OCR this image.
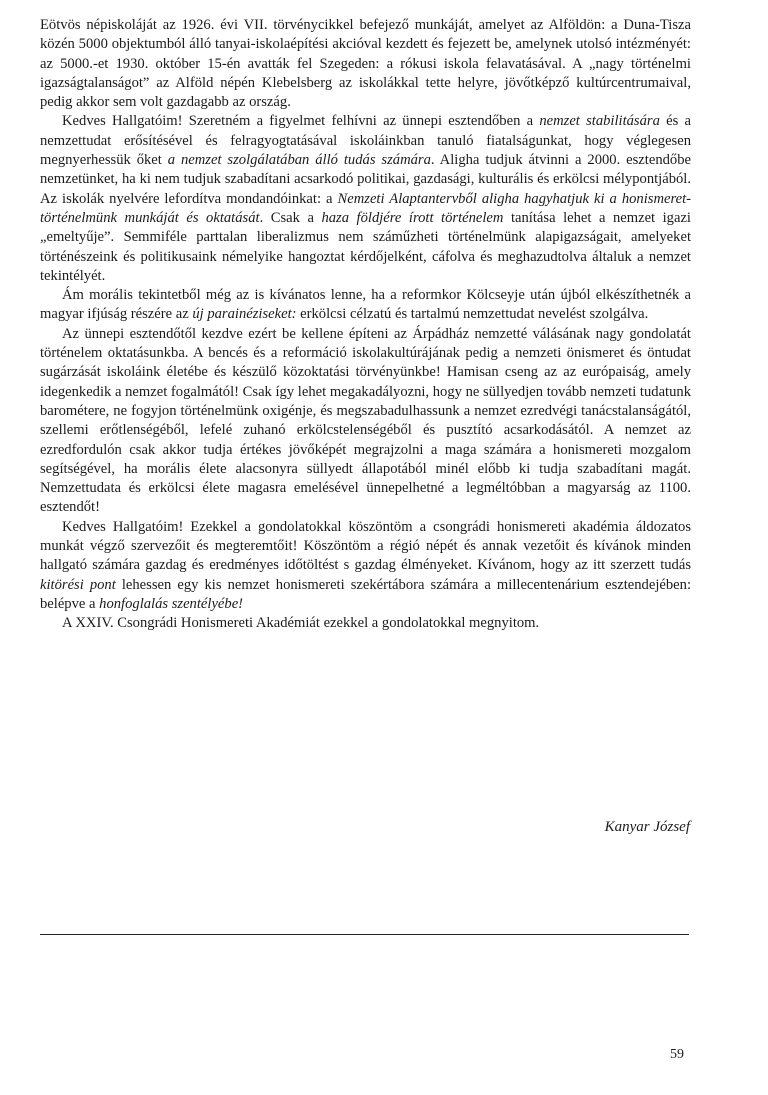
Eötvös népiskoláját az 1926. évi VII. törvénycikkel befejező munkáját, amelyet az Alföldön: a Duna-Tisza közén 5000 objektumból álló tanyai-iskolaépítési akcióval kezdett és fejezett be, amelynek utolsó intézményét: az 5000.-et 1930. október 15-én avatták fel Szegeden: a rókusi iskola felavatásával. A „nagy történelmi igazságtalanságot” az Alföld népén Klebelsberg az iskolákkal tette helyre, jövőtképző kultúrcentrumaival, pedig akkor sem volt gazdagabb az ország.

Kedves Hallgatóim! Szeretném a figyelmet felhívni az ünnepi esztendőben a nemzet stabilitására és a nemzettudat erősítésével és felragyogtatásával iskoláinkban tanuló fiatalságunkat, hogy véglegesen megnyerhessük őket a nemzet szolgálatában álló tudás számára. Aligha tudjuk átvinni a 2000. esztendőbe nemzetünket, ha ki nem tudjuk szabadítani acsarkodó politikai, gazdasági, kulturális és erkölcsi mélypontjából. Az iskolák nyelvére lefordítva mondandóinkat: a Nemzeti Alaptantervből aligha hagyhatjuk ki a honismeret-történelmünk munkáját és oktatását. Csak a haza földjére írott történelem tanítása lehet a nemzet igazi „emeltyűje”. Semmiféle parttalan liberalizmus nem száműzheti történelmünk alapigazságait, amelyeket történészeink és politikusaink némelyike hangoztat kérdőjelként, cáfolva és meghazudtolva általuk a nemzet tekintélyét.

Ám morális tekintetből még az is kívánatos lenne, ha a reformkor Kölcseyje után újból elkészíthetnék a magyar ifjúság részére az új parainéziseket: erkölcsi célzatú és tartalmú nemzettudat nevelést szolgálva.

Az ünnepi esztendőtől kezdve ezért be kellene építeni az Árpádház nemzetté válásának nagy gondolatát történelem oktatásunkba. A bencés és a reformáció iskolakultúrájának pedig a nemzeti önismeret és öntudat sugárzását iskoláink életébe és készülő közoktatási törvényünkbe! Hamisan cseng az az európaiság, amely idegenkedik a nemzet fogalmától! Csak így lehet megakadályozni, hogy ne süllyedjen tovább nemzeti tudatunk barométere, ne fogyjon történelmünk oxigénje, és megszabadulhassunk a nemzet ezredvégi tanácstalanságától, szellemi erőtlenségéből, lefelé zuhanó erkölcstelenségéből és pusztító acsarkodásától. A nemzet az ezredfordulón csak akkor tudja értékes jövőképét megrajzolni a maga számára a honismereti mozgalom segítségével, ha morális élete alacsonyra süllyedt állapotából minél előbb ki tudja szabadítani magát. Nemzettudata és erkölcsi élete magasra emelésével ünnepelhetné a legméltóbban a magyarság az 1100. esztendőt!

Kedves Hallgatóim! Ezekkel a gondolatokkal köszöntöm a csongrádi honismereti akadémia áldozatos munkát végző szervezőit és megteremtőit! Köszöntöm a régió népét és annak vezetőit és kívánok minden hallgató számára gazdag és eredményes időtöltést s gazdag élményeket. Kívánom, hogy az itt szerzett tudás kitörési pont lehessen egy kis nemzet honismereti szekértábora számára a millecentenárium esztendejében: belépve a honfoglalás szentélyébe!

A XXIV. Csongrádi Honismereti Akadémiát ezekkel a gondolatokkal megnyitom.

Kanyar József
59
